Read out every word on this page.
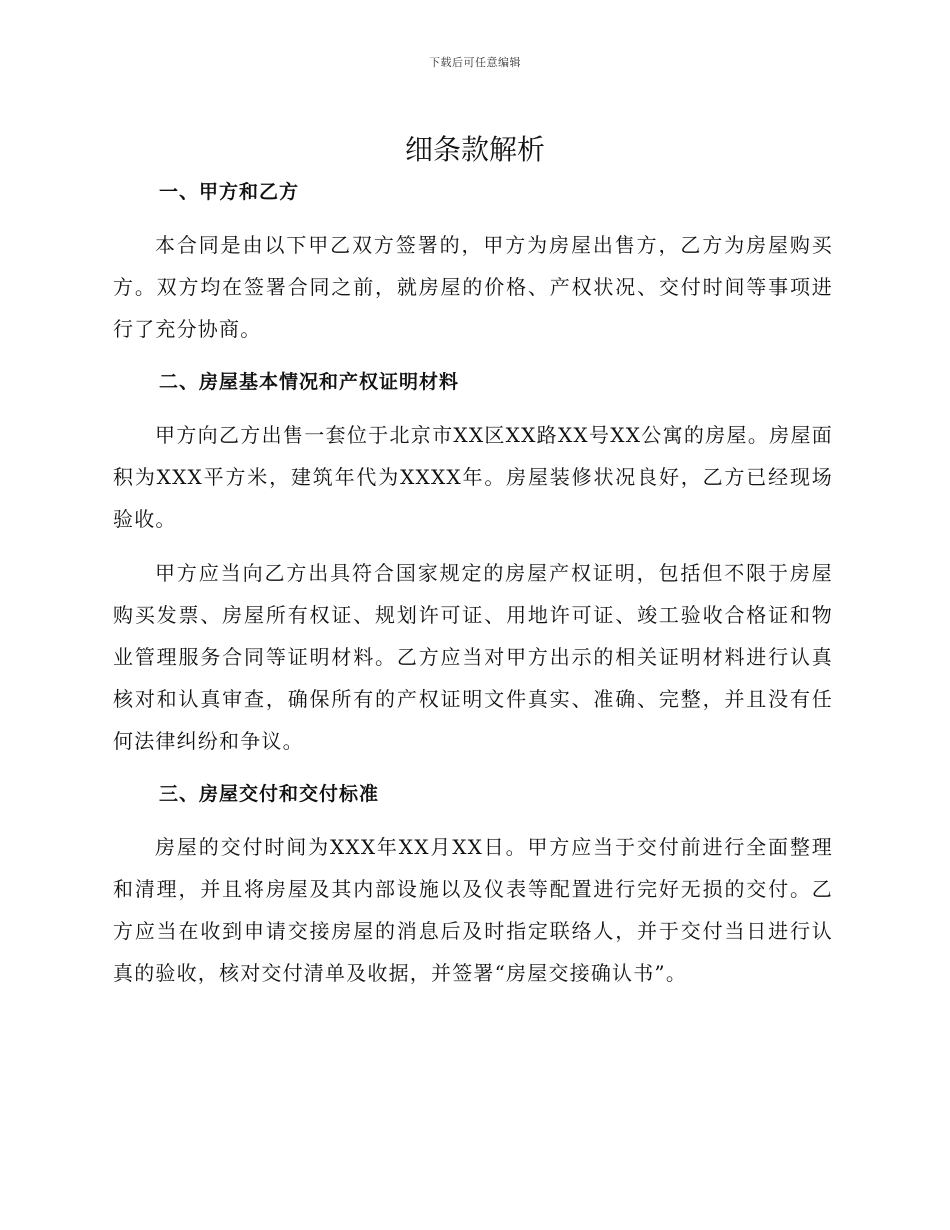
下载后可任意编辑
细条款解析
一、甲方和乙方

本合同是由以下甲乙双方签署的，甲方为房屋出售方，乙方为房屋购买方。双方均在签署合同之前，就房屋的价格、产权状况、交付时间等事项进行了充分协商。

二、房屋基本情况和产权证明材料

甲方向乙方出售一套位于北京市XX区XX路XX号XX公寓的房屋。房屋面积为XXX平方米，建筑年代为XXXX年。房屋装修状况良好，乙方已经现场验收。

甲方应当向乙方出具符合国家规定的房屋产权证明，包括但不限于房屋购买发票、房屋所有权证、规划许可证、用地许可证、竣工验收合格证和物业管理服务合同等证明材料。乙方应当对甲方出示的相关证明材料进行认真核对和认真审查，确保所有的产权证明文件真实、准确、完整，并且没有任何法律纠纷和争议。

三、房屋交付和交付标准

房屋的交付时间为XXX年XX月XX日。甲方应当于交付前进行全面整理和清理，并且将房屋及其内部设施以及仪表等配置进行完好无损的交付。乙方应当在收到申请交接房屋的消息后及时指定联络人，并于交付当日进行认真的验收，核对交付清单及收据，并签署“房屋交接确认书”。
